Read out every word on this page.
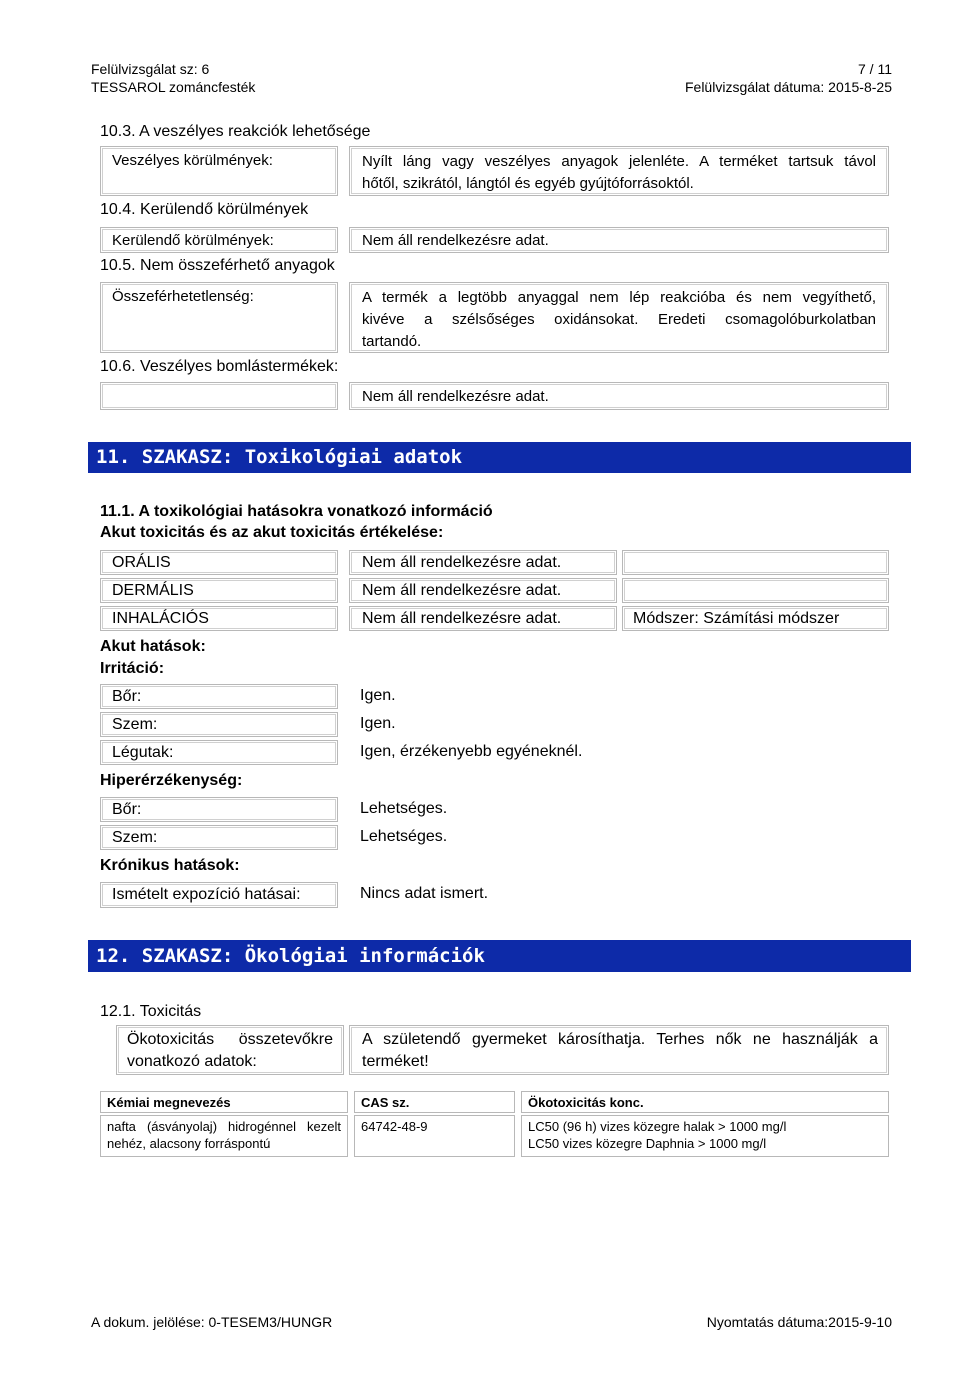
Felülvizsgálat sz: 6	7 / 11
TESSAROL zománcfesték	Felülvizsgálat dátuma: 2015-8-25
10.3. A veszélyes reakciók lehetősége
Veszélyes körülmények:	Nyílt láng vagy veszélyes anyagok jelenléte. A terméket tartsuk távol
hőtől, szikrától, lángtól és egyéb gyújtóforrásoktól.
10.4. Kerülendő körülmények
Kerülendő körülmények:	Nem áll rendelkezésre adat.
10.5. Nem összeférhető anyagok
Összeférhetetlenség:	A termék a legtöbb anyaggal nem lép reakcióba és nem vegyíthető,
kivéve a szélsőséges oxidánsokat. Eredeti csomagolóburkolatban
tartandó.
10.6. Veszélyes bomlástermékek:
Nem áll rendelkezésre adat.
11. SZAKASZ: Toxikológiai adatok
11.1. A toxikológiai hatásokra vonatkozó információ
Akut toxicitás és az akut toxicitás értékelése:
ORÁLIS	Nem áll rendelkezésre adat.
DERMÁLIS	Nem áll rendelkezésre adat.
INHALÁCIÓS	Nem áll rendelkezésre adat.	Módszer: Számítási módszer
Akut hatások:
Irritáció:
Bőr:	Igen.
Szem:	Igen.
Légutak:	Igen, érzékenyebb egyéneknél.
Hiperérzékenység:
Bőr:	Lehetséges.
Szem:	Lehetséges.
Krónikus hatások:
Ismételt expozíció hatásai:	Nincs adat ismert.
12. SZAKASZ: Ökológiai információk
12.1. Toxicitás
Ökotoxicitás összetevőkre
vonatkozó adatok:
A születendő gyermeket károsíthatja. Terhes nők ne használják a
terméket!
Kémiai megnevezés	CAS sz.	Ökotoxicitás konc.
nafta (ásványolaj) hidrogénnel kezelt
nehéz, alacsony forráspontú
64742-48-9	LC50 (96 h) vizes közegre halak > 1000 mg/l
LC50 vizes közegre Daphnia > 1000 mg/l
A dokum. jelölése: 0-TESEM3/HUNGR	Nyomtatás dátuma:2015-9-10
